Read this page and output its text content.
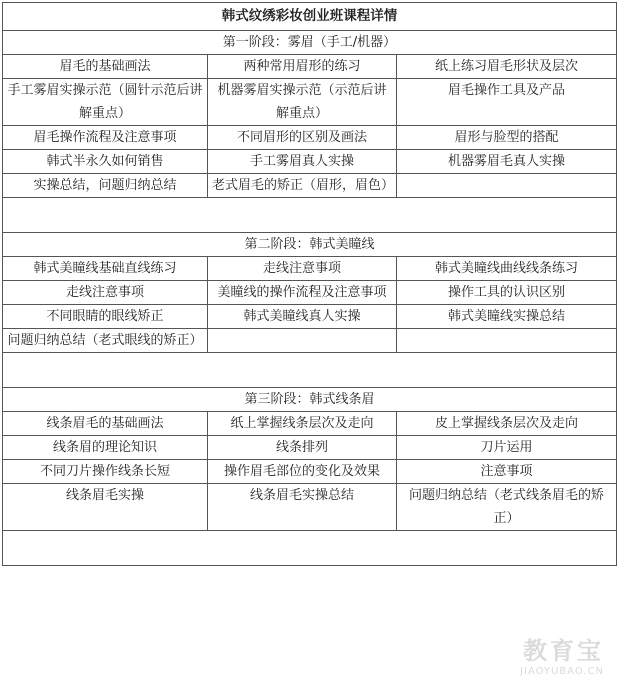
韩式纹绣彩妆创业班课程详情		
第一阶段：雾眉（手工/机器）		
眉毛的基础画法	两种常用眉形的练习	纸上练习眉毛形状及层次
手工雾眉实操示范（圆针示范后讲解重点）	机器雾眉实操示范（示范后讲解重点）	眉毛操作工具及产品
眉毛操作流程及注意事项	不同眉形的区别及画法	眉形与脸型的搭配
韩式半永久如何销售	手工雾眉真人实操	机器雾眉毛真人实操
实操总结，问题归纳总结	老式眉毛的矫正（眉形，眉色）	

第二阶段：韩式美瞳线		
韩式美瞳线基础直线练习	走线注意事项	韩式美瞳线曲线线条练习
走线注意事项	美瞳线的操作流程及注意事项	操作工具的认识区别
不同眼睛的眼线矫正	韩式美瞳线真人实操	韩式美瞳线实操总结
问题归纳总结（老式眼线的矫正）		

第三阶段：韩式线条眉		
线条眉毛的基础画法	纸上掌握线条层次及走向	皮上掌握线条层次及走向
线条眉的理论知识	线条排列	刀片运用
不同刀片操作线条长短	操作眉毛部位的变化及效果	注意事项
线条眉毛实操	线条眉毛实操总结	问题归纳总结（老式线条眉毛的矫正）

教育宝
JIAOYUBAO.CN
